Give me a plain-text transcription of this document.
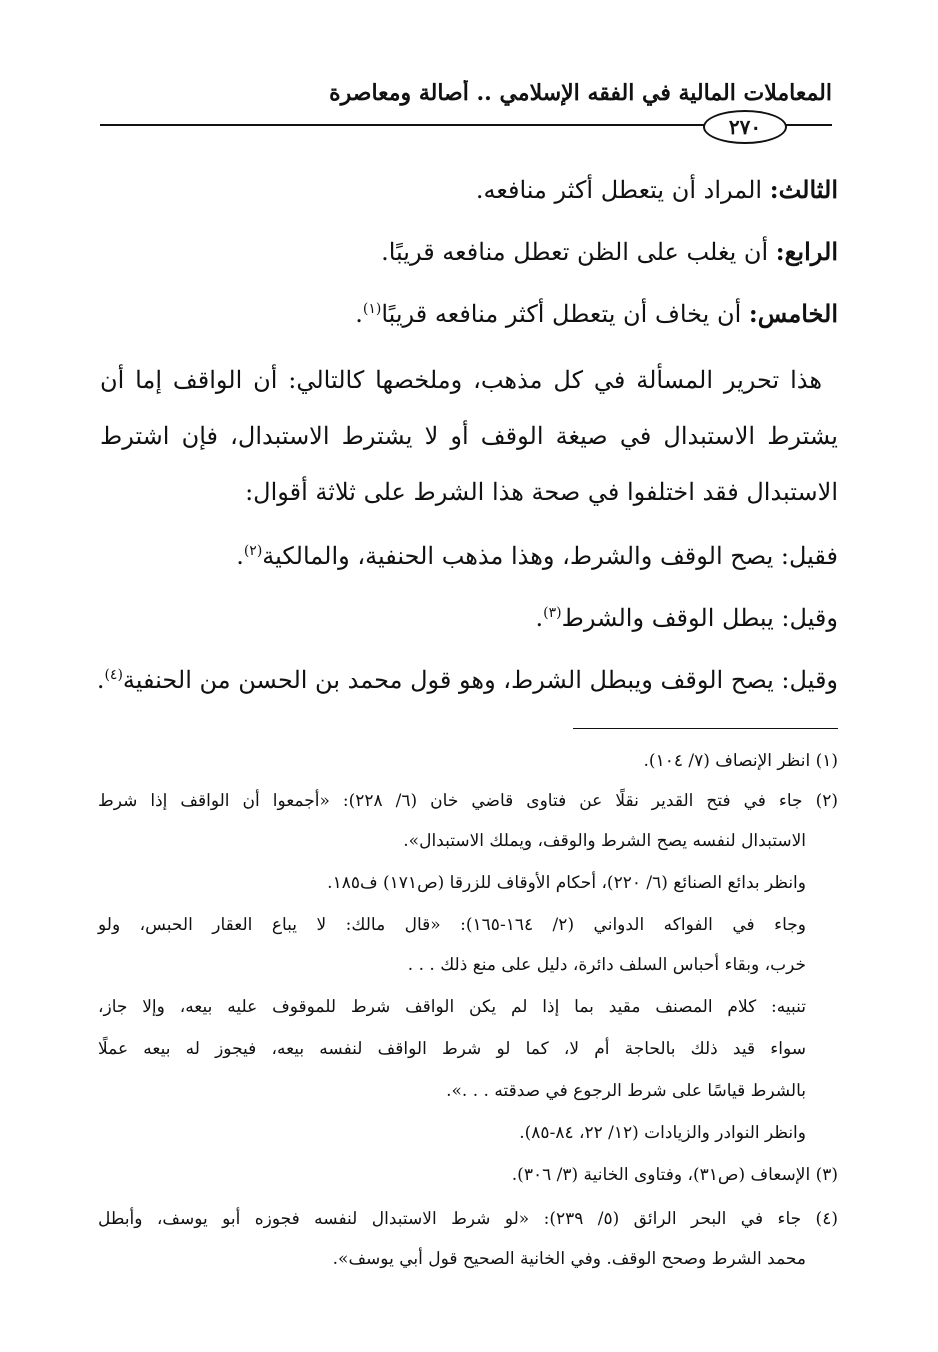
المعاملات المالية في الفقه الإسلامي .. أصالة ومعاصرة
٢٧٠
الثالث: المراد أن يتعطل أكثر منافعه.
الرابع: أن يغلب على الظن تعطل منافعه قريبًا.
الخامس: أن يخاف أن يتعطل أكثر منافعه قريبًا$^{(١)}$.
هذا تحرير المسألة في كل مذهب، وملخصها كالتالي: أن الواقف إما أن
يشترط الاستبدال في صيغة الوقف أو لا يشترط الاستبدال، فإن اشترط
الاستبدال فقد اختلفوا في صحة هذا الشرط على ثلاثة أقوال:
فقيل: يصح الوقف والشرط، وهذا مذهب الحنفية، والمالكية$^{(٢)}$.
وقيل: يبطل الوقف والشرط$^{(٣)}$.
وقيل: يصح الوقف ويبطل الشرط، وهو قول محمد بن الحسن من الحنفية$^{(٤)}$.
(١) انظر الإنصاف (٧/ ١٠٤).
(٢) جاء في فتح القدير نقلًا عن فتاوى قاضي خان (٦/ ٢٢٨): «أجمعوا أن الواقف إذا شرط
الاستبدال لنفسه يصح الشرط والوقف، ويملك الاستبدال».
وانظر بدائع الصنائع (٦/ ٢٢٠)، أحكام الأوقاف للزرقا (ص١٧١) ف١٨٥.
وجاء في الفواكه الدواني (٢/ ١٦٤-١٦٥): «قال مالك: لا يباع العقار الحبس، ولو
خرب، وبقاء أحباس السلف دائرة، دليل على منع ذلك . . .
تنبيه: كلام المصنف مقيد بما إذا لم يكن الواقف شرط للموقوف عليه بيعه، وإلا جاز،
سواء قيد ذلك بالحاجة أم لا، كما لو شرط الواقف لنفسه بيعه، فيجوز له بيعه عملًا
بالشرط قياسًا على شرط الرجوع في صدقته . . .».
وانظر النوادر والزيادات (١٢/ ٢٢، ٨٤-٨٥).
(٣) الإسعاف (ص٣١)، وفتاوى الخانية (٣/ ٣٠٦).
(٤) جاء في البحر الرائق (٥/ ٢٣٩): «لو شرط الاستبدال لنفسه فجوزه أبو يوسف، وأبطل
محمد الشرط وصحح الوقف. وفي الخانية الصحيح قول أبي يوسف».
